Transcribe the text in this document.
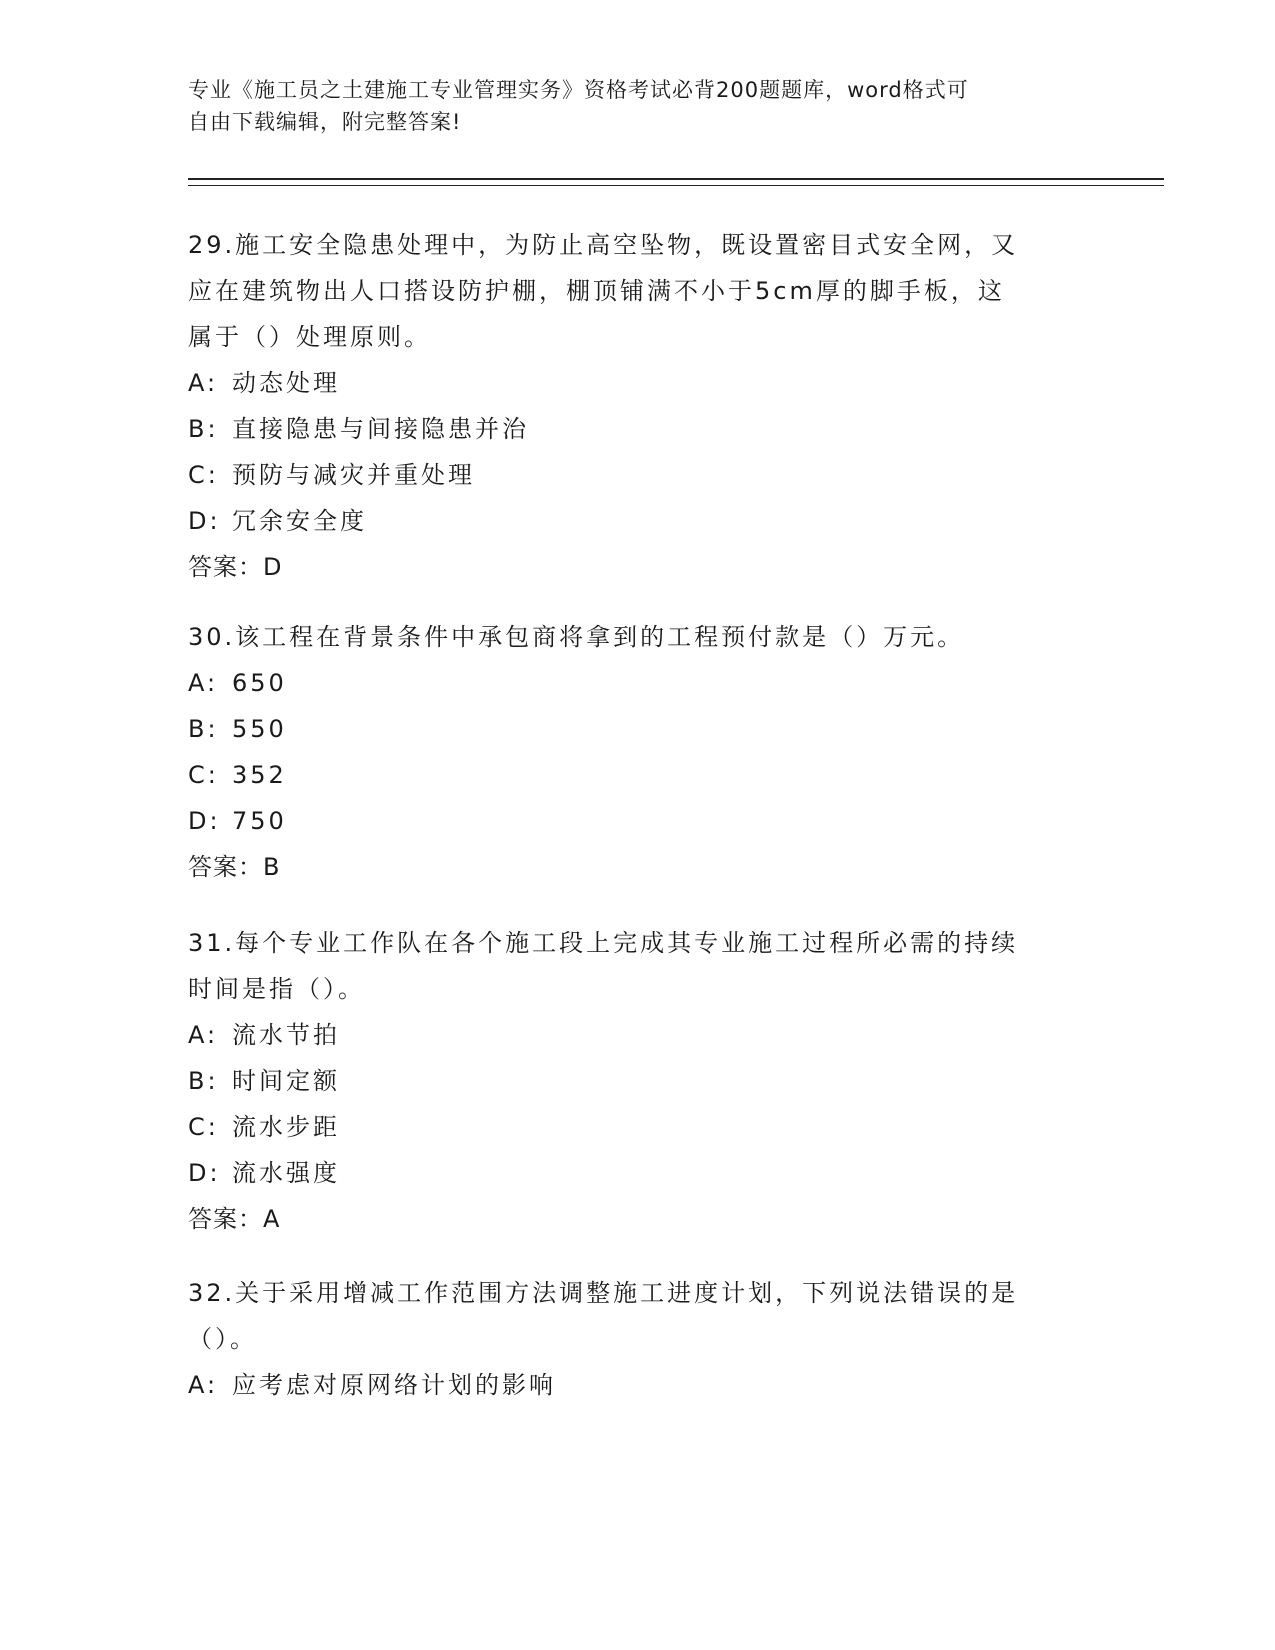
专业《施工员之土建施工专业管理实务》资格考试必背200题题库，word格式可
自由下载编辑，附完整答案!

29.施工安全隐患处理中，为防止高空坠物，既设置密目式安全网，又

应在建筑物出人口搭设防护棚，棚顶铺满不小于5cm厚的脚手板，这

属于（）处理原则。

A: 动态处理

B: 直接隐患与间接隐患并治

C: 预防与减灾并重处理

D: 冗余安全度

答案：D

30.该工程在背景条件中承包商将拿到的工程预付款是（）万元。

A: 650

B: 550

C: 352

D: 750

答案：B

31.每个专业工作队在各个施工段上完成其专业施工过程所必需的持续

时间是指（）。

A: 流水节拍

B: 时间定额

C: 流水步距

D: 流水强度

答案：A

32.关于采用增减工作范围方法调整施工进度计划，下列说法错误的是

（）。

A: 应考虑对原网络计划的影响
